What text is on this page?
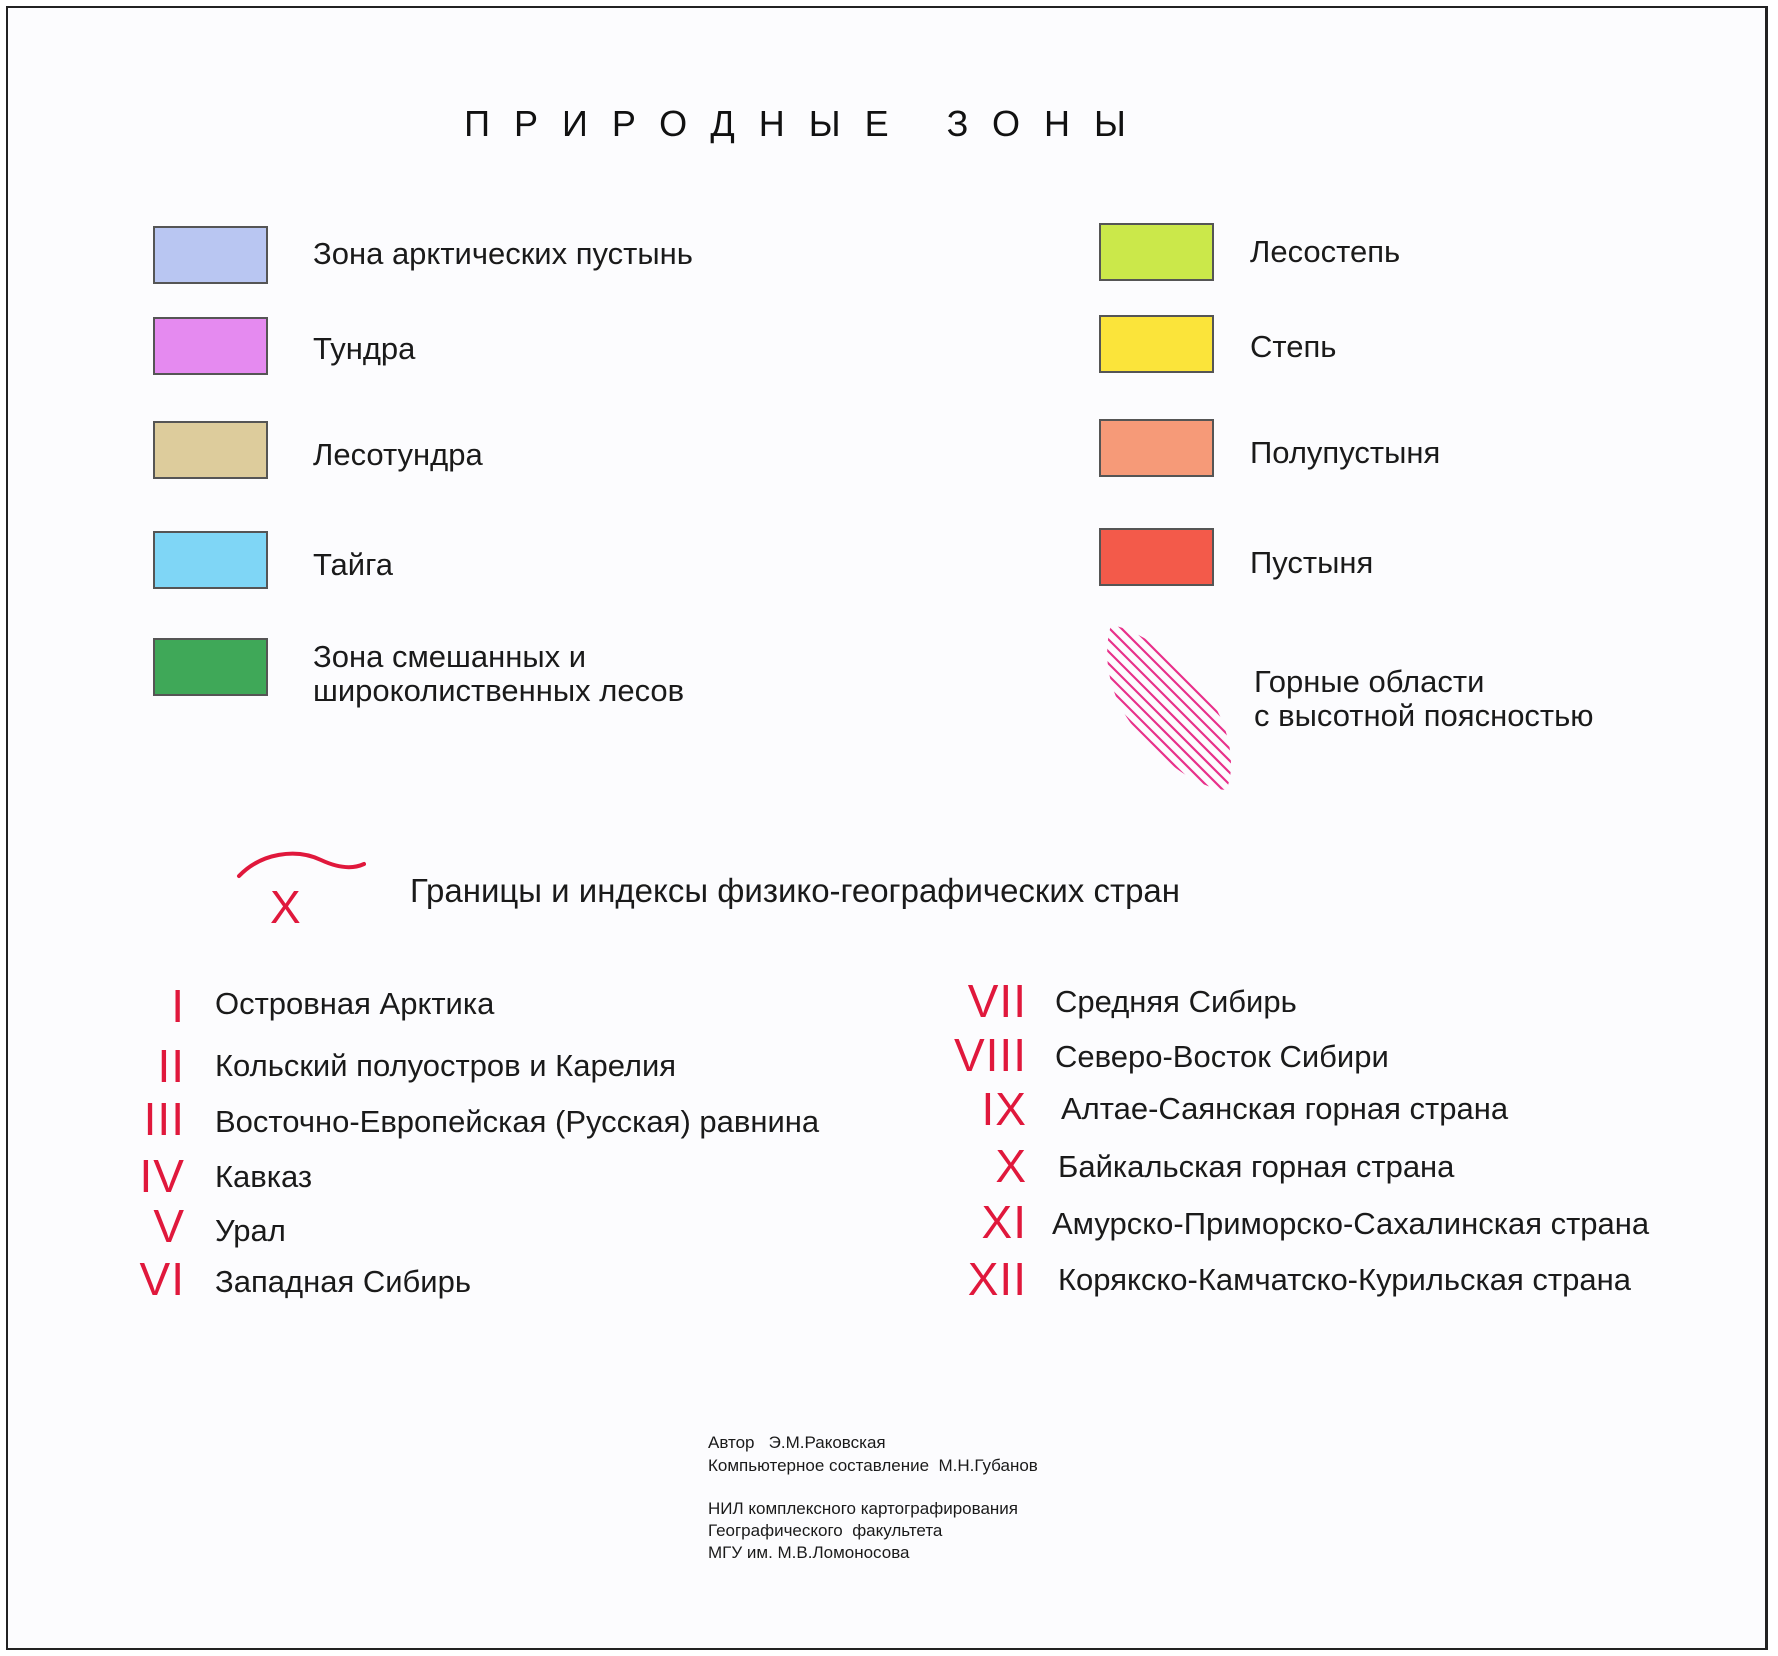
ПРИРОДНЫЕ ЗОНЫ
Зона арктических пустынь
Тундра
Лесотундра
Тайга
Зона смешанных и
широколиственных лесов
Лесостепь
Степь
Полупустыня
Пустыня
Горные области
с высотной поясностью
Х	Границы и индексы физико-географических стран
I Островная Арктика
II Кольский полуостров и Карелия
III Восточно-Европейская (Русская) равнина
IV Кавказ
V Урал
VI Западная Сибирь
VII Средняя Сибирь
VIII Северо-Восток Сибири
IX Алтае-Саянская горная страна
X Байкальская горная страна
XI Амурско-Приморско-Сахалинская страна
XII Корякско-Камчатско-Курильская страна
Автор   Э.М.Раковская
Компьютерное составление  М.Н.Губанов
НИЛ комплексного картографирования
Географического  факультета
МГУ им. М.В.Ломоносова
